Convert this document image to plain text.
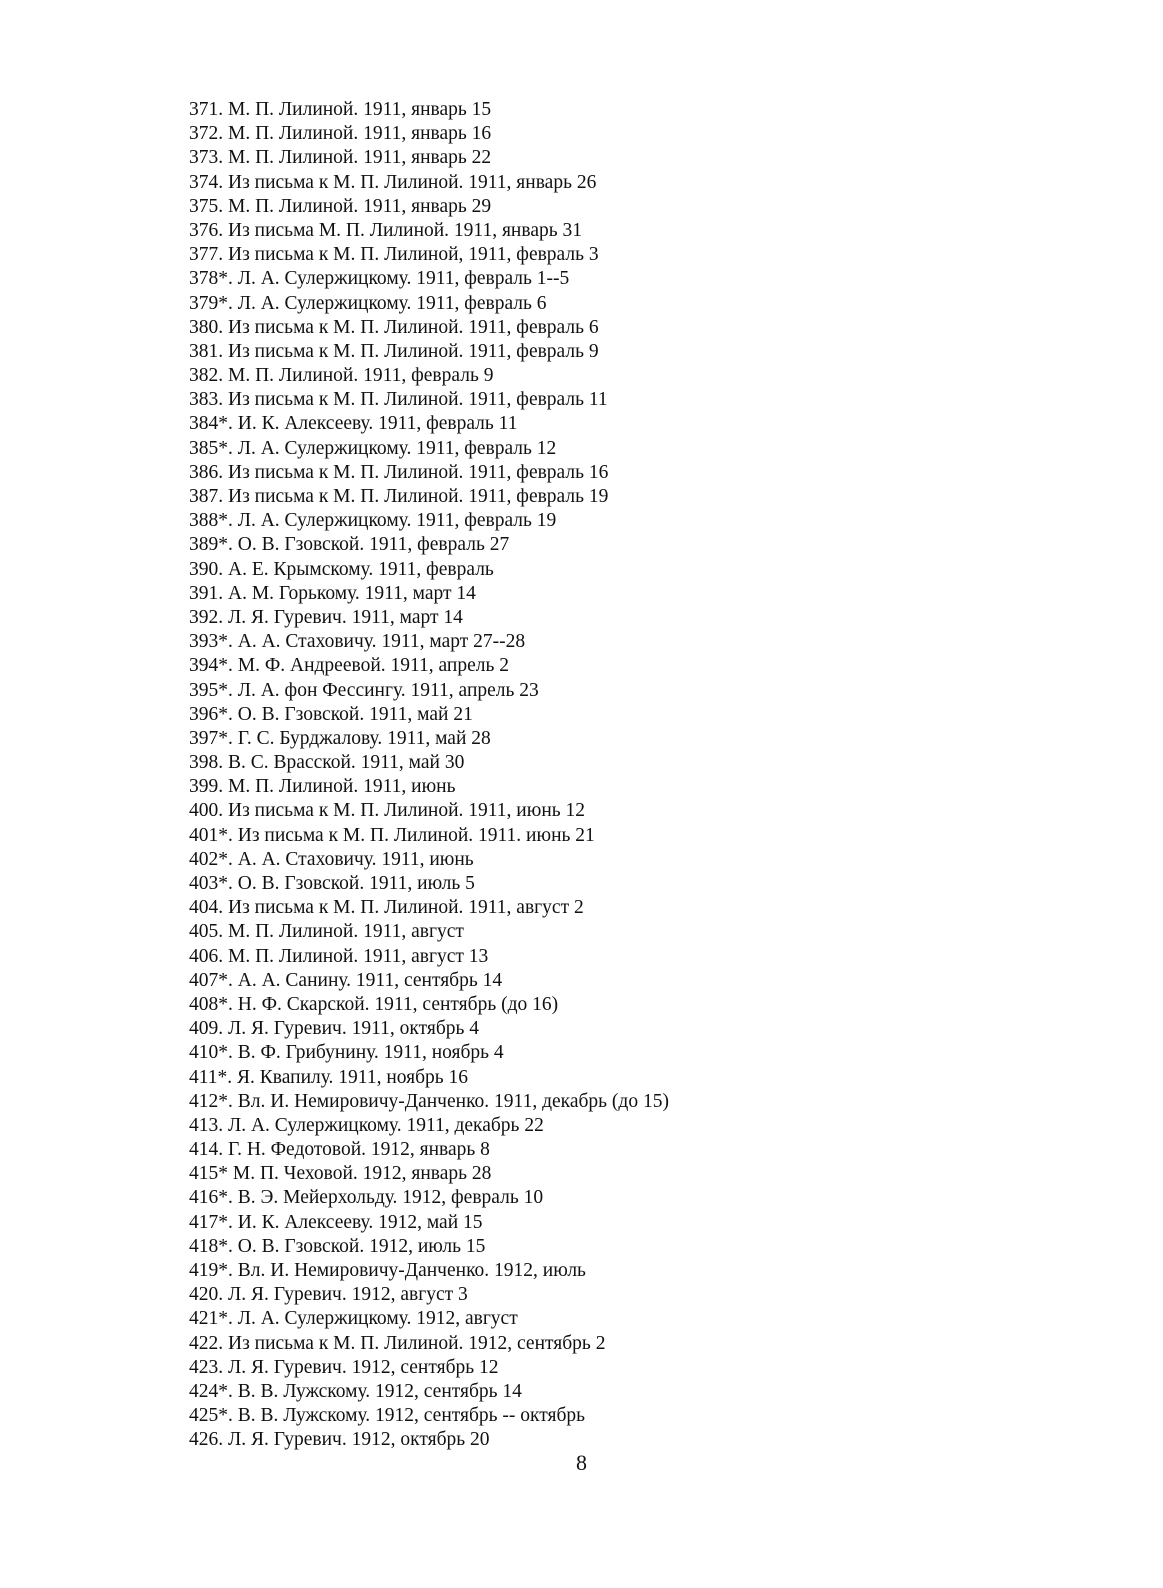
371. М. П. Лилиной. 1911, январь 15
372. М. П. Лилиной. 1911, январь 16
373. М. П. Лилиной. 1911, январь 22
374. Из письма к М. П. Лилиной. 1911, январь 26
375. М. П. Лилиной. 1911, январь 29
376. Из письма М. П. Лилиной. 1911, январь 31
377. Из письма к М. П. Лилиной, 1911, февраль 3
378*. Л. А. Сулержицкому. 1911, февраль 1--5
379*. Л. А. Сулержицкому. 1911, февраль 6
380. Из письма к М. П. Лилиной. 1911, февраль 6
381. Из письма к М. П. Лилиной. 1911, февраль 9
382. М. П. Лилиной. 1911, февраль 9
383. Из письма к М. П. Лилиной. 1911, февраль 11
384*. И. К. Алексееву. 1911, февраль 11
385*. Л. А. Сулержицкому. 1911, февраль 12
386. Из письма к М. П. Лилиной. 1911, февраль 16
387. Из письма к М. П. Лилиной. 1911, февраль 19
388*. Л. А. Сулержицкому. 1911, февраль 19
389*. О. В. Гзовской. 1911, февраль 27
390. А. Е. Крымскому. 1911, февраль
391. А. М. Горькому. 1911, март 14
392. Л. Я. Гуревич. 1911, март 14
393*. А. А. Стаховичу. 1911, март 27--28
394*. М. Ф. Андреевой. 1911, апрель 2
395*. Л. А. фон Фессингу. 1911, апрель 23
396*. О. В. Гзовской. 1911, май 21
397*. Г. С. Бурджалову. 1911, май 28
398. В. С. Врасской. 1911, май 30
399. М. П. Лилиной. 1911, июнь
400. Из письма к М. П. Лилиной. 1911, июнь 12
401*. Из письма к М. П. Лилиной. 1911. июнь 21
402*. А. А. Стаховичу. 1911, июнь
403*. О. В. Гзовской. 1911, июль 5
404. Из письма к М. П. Лилиной. 1911, август 2
405. М. П. Лилиной. 1911, август
406. М. П. Лилиной. 1911, август 13
407*. А. А. Санину. 1911, сентябрь 14
408*. Н. Ф. Скарской. 1911, сентябрь (до 16)
409. Л. Я. Гуревич. 1911, октябрь 4
410*. В. Ф. Грибунину. 1911, ноябрь 4
411*. Я. Квапилу. 1911, ноябрь 16
412*. Вл. И. Немировичу-Данченко. 1911, декабрь (до 15)
413. Л. А. Сулержицкому. 1911, декабрь 22
414. Г. Н. Федотовой. 1912, январь 8
415* М. П. Чеховой. 1912, январь 28
416*. В. Э. Мейерхольду. 1912, февраль 10
417*. И. К. Алексееву. 1912, май 15
418*. О. В. Гзовской. 1912, июль 15
419*. Вл. И. Немировичу-Данченко. 1912, июль
420. Л. Я. Гуревич. 1912, август 3
421*. Л. А. Сулержицкому. 1912, август
422. Из письма к М. П. Лилиной. 1912, сентябрь 2
423. Л. Я. Гуревич. 1912, сентябрь 12
424*. В. В. Лужскому. 1912, сентябрь 14
425*. В. В. Лужскому. 1912, сентябрь -- октябрь
426. Л. Я. Гуревич. 1912, октябрь 20
8
